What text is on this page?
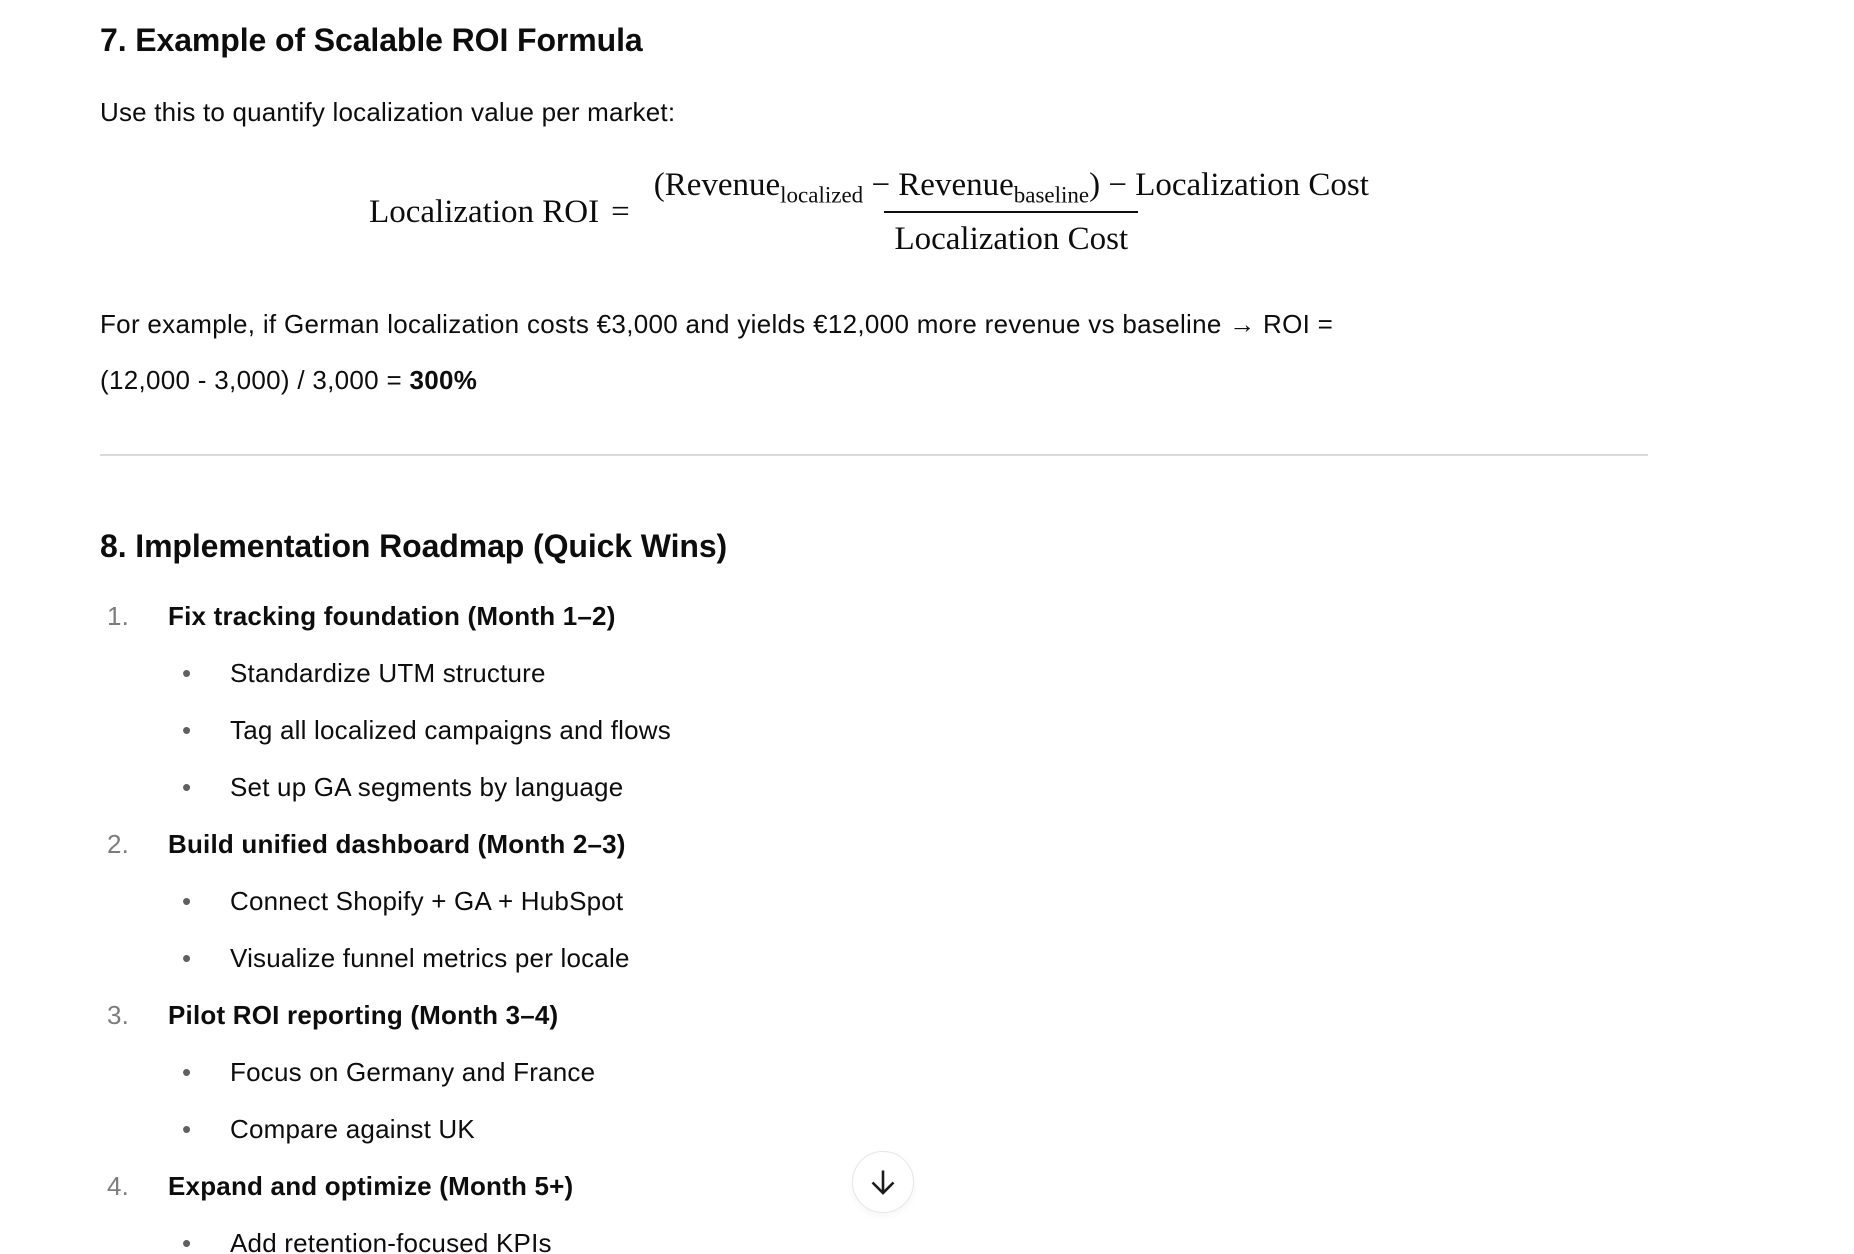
7. Example of Scalable ROI Formula

Use this to quantify localization value per market:

Localization ROI = $\frac{(Revenue_{localized} - Revenue_{baseline}) - Localization Cost}{\text{Localization Cost}}$

For example, if German localization costs €3,000 and yields €12,000 more revenue vs baseline → ROI =
(12,000 - 3,000) / 3,000 = 300%

8. Implementation Roadmap (Quick Wins)
1.	Fix tracking foundation (Month 1–2)
•	Standardize UTM structure
•	Tag all localized campaigns and flows
•	Set up GA segments by language
2.	Build unified dashboard (Month 2–3)
•	Connect Shopify + GA + HubSpot
•	Visualize funnel metrics per locale
3.	Pilot ROI reporting (Month 3–4)
•	Focus on Germany and France
•	Compare against UK
4.	Expand and optimize (Month 5+)
•	Add retention-focused KPIs
